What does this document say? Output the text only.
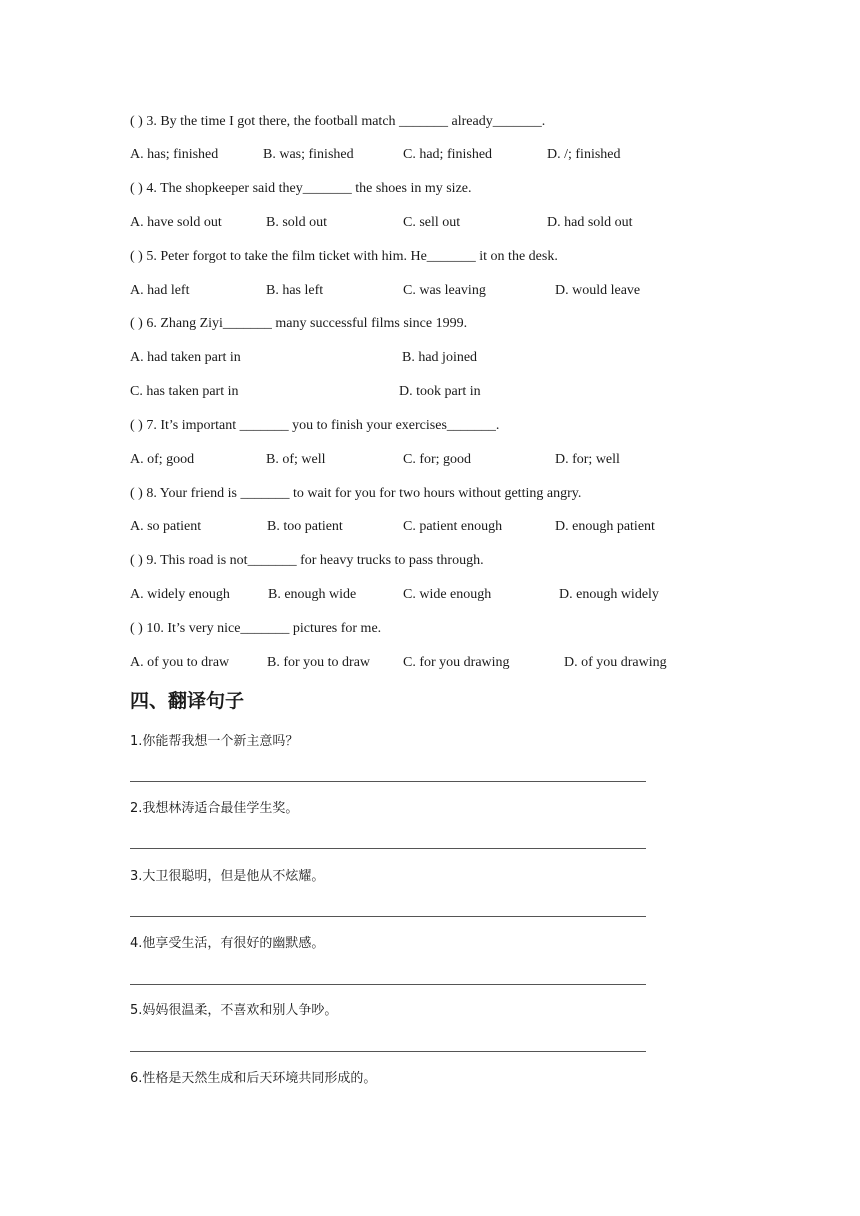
( ) 3. By the time I got there, the football match _______ already_______.
A. has; finished	B. was; finished	C. had; finished	D. /; finished
( ) 4. The shopkeeper said they_______ the shoes in my size.
A. have sold out	B. sold out	C. sell out	D. had sold out
( ) 5. Peter forgot to take the film ticket with him. He_______ it on the desk.
A. had left	B. has left	C. was leaving	D. would leave
( ) 6. Zhang Ziyi_______ many successful films since 1999.
A. had taken part in	B. had joined
C. has taken part in	D. took part in
( ) 7. It’s important _______ you to finish your exercises_______.
A. of; good	B. of; well	C. for; good	D. for; well
( ) 8. Your friend is _______ to wait for you for two hours without getting angry.
A. so patient	B. too patient	C. patient enough	D. enough patient
( ) 9. This road is not_______ for heavy trucks to pass through.
A. widely enough	B. enough wide	C. wide enough	D. enough widely
( ) 10. It’s very nice_______ pictures for me.
A. of you to draw	B. for you to draw C. for you drawing	D. of you drawing
四、翻译句子
1.你能帮我想一个新主意吗？
2.我想林涛适合最佳学生奖。
3.大卫很聪明，但是他从不炫耀。
4.他享受生活，有很好的幽默感。
5.妈妈很温柔，不喜欢和别人争吵。
6.性格是天然生成和后天环境共同形成的。
